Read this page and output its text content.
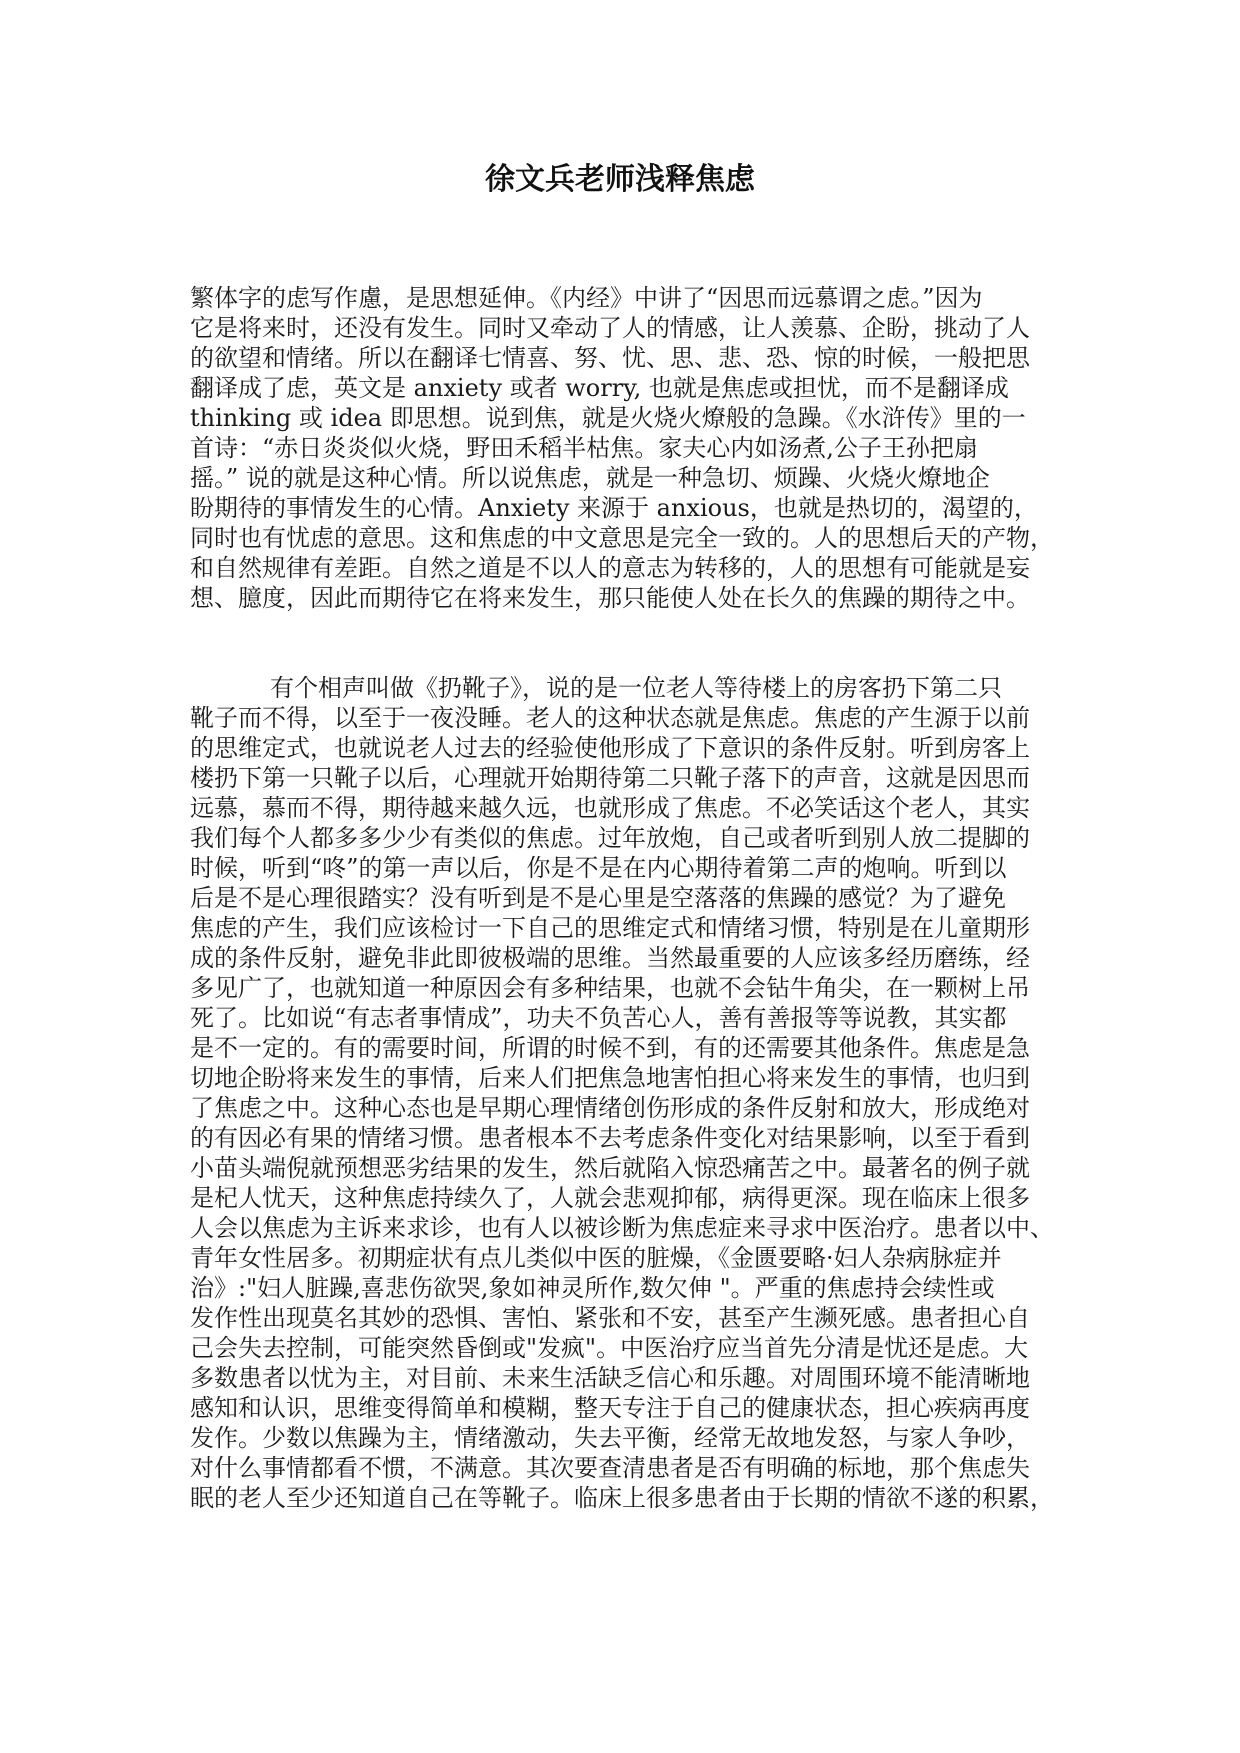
徐文兵老师浅释焦虑

繁体字的虑写作慮，是思想延伸。《内经》中讲了“因思而远慕谓之虑。”因为
它是将来时，还没有发生。同时又牵动了人的情感，让人羡慕、企盼，挑动了人
的欲望和情绪。所以在翻译七情喜、努、忧、思、悲、恐、惊的时候，一般把思
翻译成了虑，英文是 anxiety 或者 worry, 也就是焦虑或担忧，而不是翻译成
thinking 或 idea 即思想。说到焦，就是火烧火燎般的急躁。《水浒传》里的一
首诗：“赤日炎炎似火烧，野田禾稻半枯焦。家夫心内如汤煮,公子王孙把扇
摇。” 说的就是这种心情。所以说焦虑，就是一种急切、烦躁、火烧火燎地企
盼期待的事情发生的心情。Anxiety 来源于 anxious，也就是热切的，渴望的，
同时也有忧虑的意思。这和焦虑的中文意思是完全一致的。人的思想后天的产物，
和自然规律有差距。自然之道是不以人的意志为转移的，人的思想有可能就是妄
想、臆度，因此而期待它在将来发生，那只能使人处在长久的焦躁的期待之中。

有个相声叫做《扔靴子》，说的是一位老人等待楼上的房客扔下第二只
靴子而不得，以至于一夜没睡。老人的这种状态就是焦虑。焦虑的产生源于以前
的思维定式，也就说老人过去的经验使他形成了下意识的条件反射。听到房客上
楼扔下第一只靴子以后，心理就开始期待第二只靴子落下的声音，这就是因思而
远慕，慕而不得，期待越来越久远，也就形成了焦虑。不必笑话这个老人，其实
我们每个人都多多少少有类似的焦虑。过年放炮，自己或者听到别人放二提脚的
时候，听到“咚”的第一声以后，你是不是在内心期待着第二声的炮响。听到以
后是不是心理很踏实？没有听到是不是心里是空落落的焦躁的感觉？为了避免
焦虑的产生，我们应该检讨一下自己的思维定式和情绪习惯，特别是在儿童期形
成的条件反射，避免非此即彼极端的思维。当然最重要的人应该多经历磨练，经
多见广了，也就知道一种原因会有多种结果，也就不会钻牛角尖，在一颗树上吊
死了。比如说“有志者事情成”，功夫不负苦心人，善有善报等等说教，其实都
是不一定的。有的需要时间，所谓的时候不到，有的还需要其他条件。焦虑是急
切地企盼将来发生的事情，后来人们把焦急地害怕担心将来发生的事情，也归到
了焦虑之中。这种心态也是早期心理情绪创伤形成的条件反射和放大，形成绝对
的有因必有果的情绪习惯。患者根本不去考虑条件变化对结果影响，以至于看到
小苗头端倪就预想恶劣结果的发生，然后就陷入惊恐痛苦之中。最著名的例子就
是杞人忧天，这种焦虑持续久了，人就会悲观抑郁，病得更深。现在临床上很多
人会以焦虑为主诉来求诊，也有人以被诊断为焦虑症来寻求中医治疗。患者以中、
青年女性居多。初期症状有点儿类似中医的脏燥，《金匮要略·妇人杂病脉症并
治》:"妇人脏躁,喜悲伤欲哭,象如神灵所作,数欠伸 "。严重的焦虑持会续性或
发作性出现莫名其妙的恐惧、害怕、紧张和不安，甚至产生濒死感。患者担心自
己会失去控制，可能突然昏倒或"发疯"。中医治疗应当首先分清是忧还是虑。大
多数患者以忧为主，对目前、未来生活缺乏信心和乐趣。对周围环境不能清晰地
感知和认识，思维变得简单和模糊，整天专注于自己的健康状态，担心疾病再度
发作。少数以焦躁为主，情绪激动，失去平衡，经常无故地发怒，与家人争吵，
对什么事情都看不惯，不满意。其次要查清患者是否有明确的标地，那个焦虑失
眠的老人至少还知道自己在等靴子。临床上很多患者由于长期的情欲不遂的积累，
